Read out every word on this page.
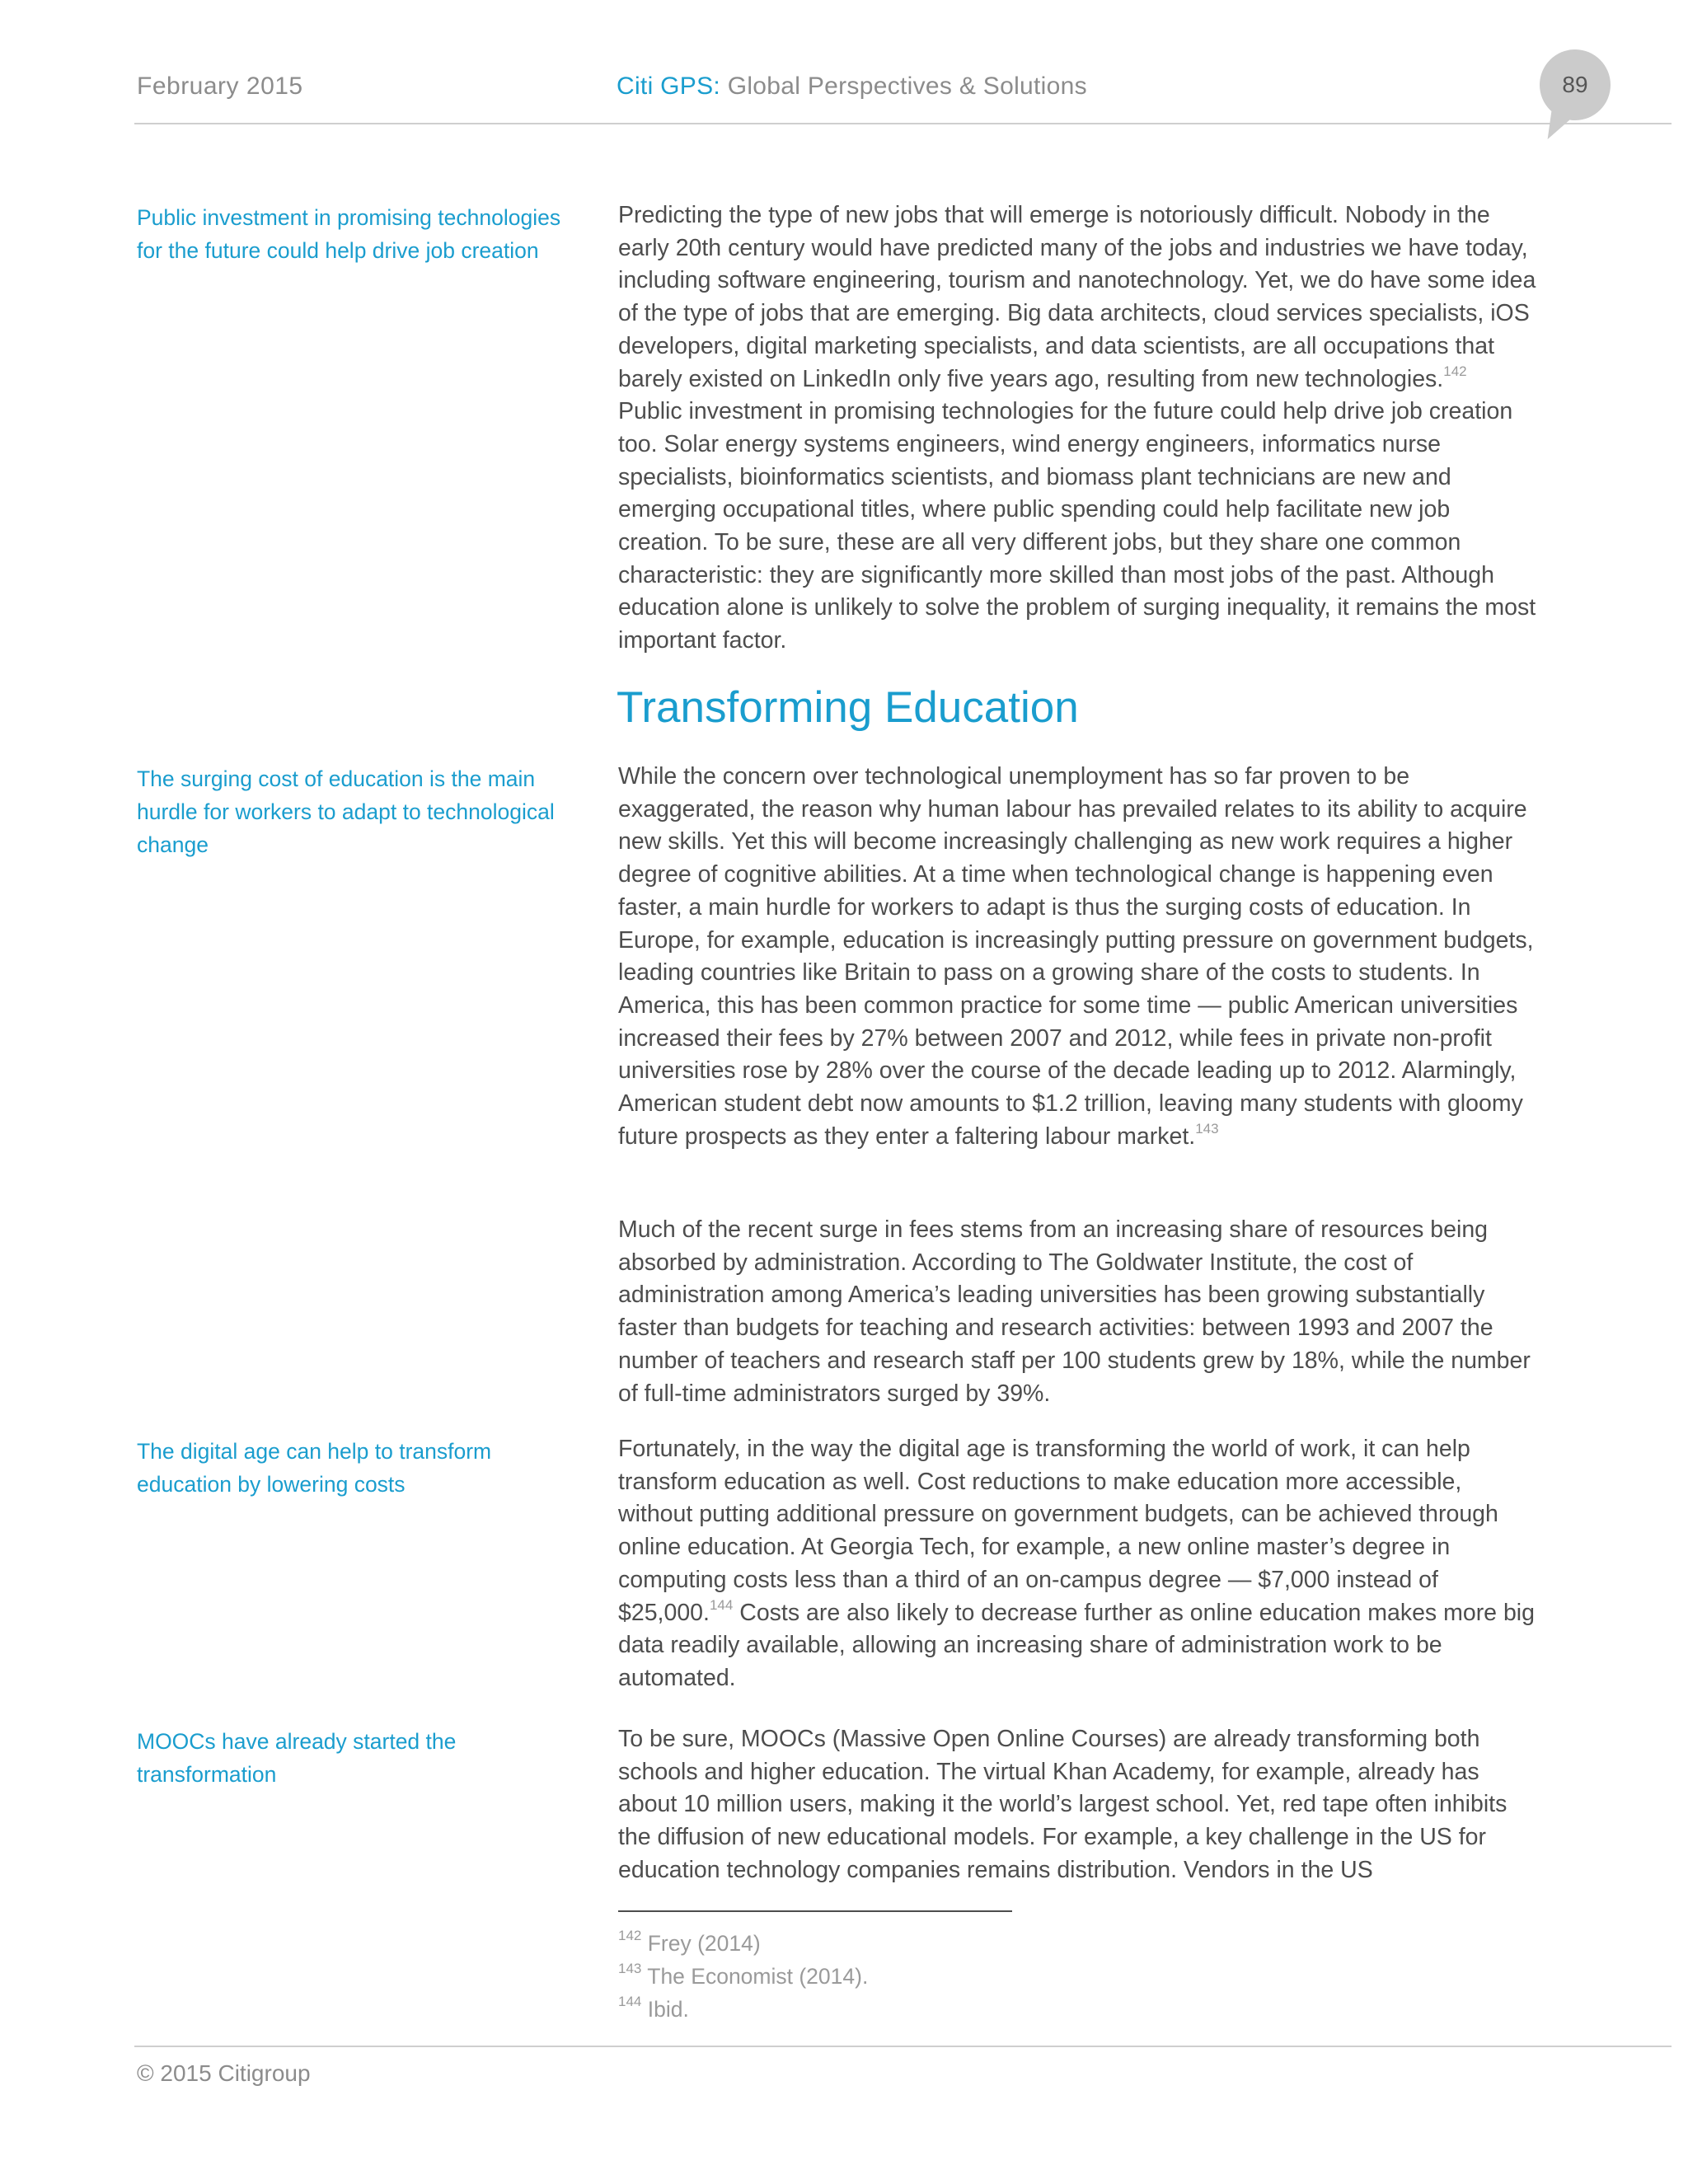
February 2015	Citi GPS: Global Perspectives & Solutions	89
Public investment in promising technologies for the future could help drive job creation
The surging cost of education is the main hurdle for workers to adapt to technological change
The digital age can help to transform education by lowering costs
MOOCs have already started the transformation
Predicting the type of new jobs that will emerge is notoriously difficult. Nobody in the early 20th century would have predicted many of the jobs and industries we have today, including software engineering, tourism and nanotechnology. Yet, we do have some idea of the type of jobs that are emerging. Big data architects, cloud services specialists, iOS developers, digital marketing specialists, and data scientists, are all occupations that barely existed on LinkedIn only five years ago, resulting from new technologies.$^{142}$ Public investment in promising technologies for the future could help drive job creation too. Solar energy systems engineers, wind energy engineers, informatics nurse specialists, bioinformatics scientists, and biomass plant technicians are new and emerging occupational titles, where public spending could help facilitate new job creation. To be sure, these are all very different jobs, but they share one common characteristic: they are significantly more skilled than most jobs of the past. Although education alone is unlikely to solve the problem of surging inequality, it remains the most important factor.
Transforming Education
While the concern over technological unemployment has so far proven to be exaggerated, the reason why human labour has prevailed relates to its ability to acquire new skills. Yet this will become increasingly challenging as new work requires a higher degree of cognitive abilities. At a time when technological change is happening even faster, a main hurdle for workers to adapt is thus the surging costs of education. In Europe, for example, education is increasingly putting pressure on government budgets, leading countries like Britain to pass on a growing share of the costs to students. In America, this has been common practice for some time — public American universities increased their fees by 27% between 2007 and 2012, while fees in private non-profit universities rose by 28% over the course of the decade leading up to 2012. Alarmingly, American student debt now amounts to $1.2 trillion, leaving many students with gloomy future prospects as they enter a faltering labour market.$^{143}$
Much of the recent surge in fees stems from an increasing share of resources being absorbed by administration. According to The Goldwater Institute, the cost of administration among America’s leading universities has been growing substantially faster than budgets for teaching and research activities: between 1993 and 2007 the number of teachers and research staff per 100 students grew by 18%, while the number of full-time administrators surged by 39%.
Fortunately, in the way the digital age is transforming the world of work, it can help transform education as well. Cost reductions to make education more accessible, without putting additional pressure on government budgets, can be achieved through online education. At Georgia Tech, for example, a new online master’s degree in computing costs less than a third of an on-campus degree — $7,000 instead of $25,000.$^{144}$ Costs are also likely to decrease further as online education makes more big data readily available, allowing an increasing share of administration work to be automated.
To be sure, MOOCs (Massive Open Online Courses) are already transforming both schools and higher education. The virtual Khan Academy, for example, already has about 10 million users, making it the world’s largest school. Yet, red tape often inhibits the diffusion of new educational models. For example, a key challenge in the US for education technology companies remains distribution. Vendors in the US
$^{142}$ Frey (2014)
$^{143}$ The Economist (2014).
$^{144}$ Ibid.
© 2015 Citigroup
